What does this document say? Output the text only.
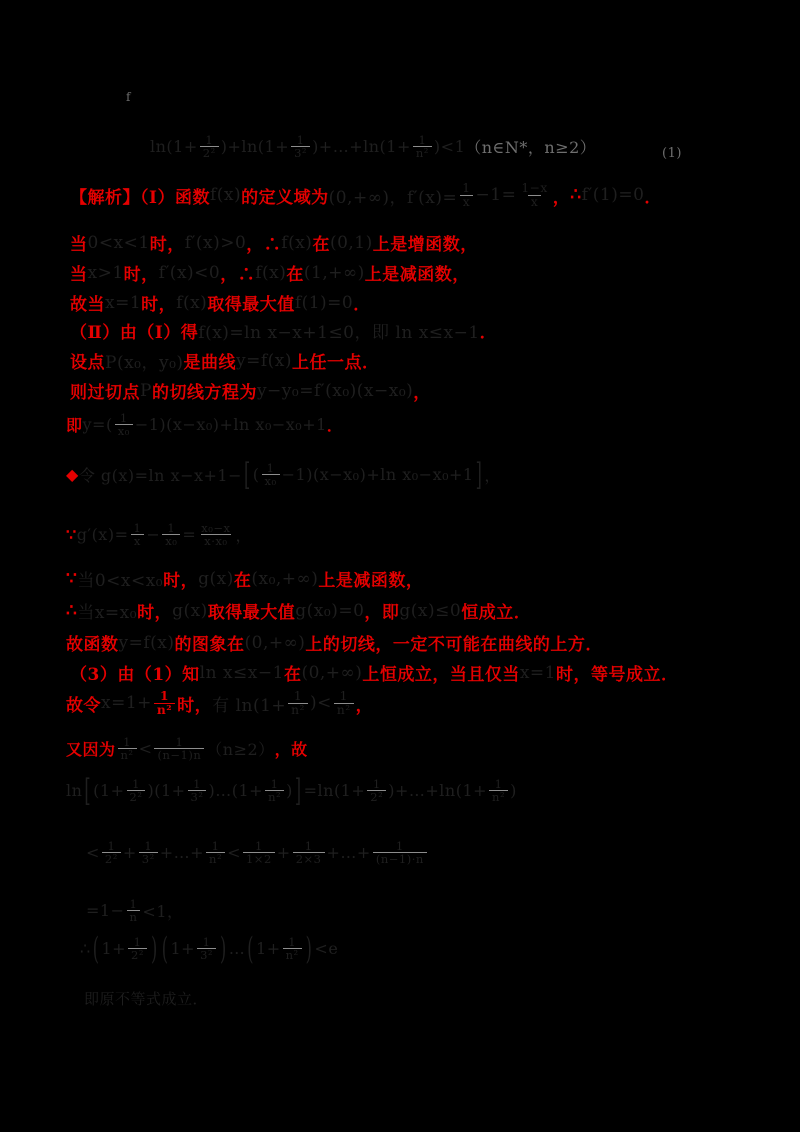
f
$\ln(1+ \frac{1}{\text{2²}} )+\ln(1+ \frac{1}{\text{3²}}$ )+…+ln(1+ $\frac{1}{\text{n²}} )<1$ （n∈N*，n≥2）	(1)
【解析】（Ⅰ） 函数 f(x) 的定义域为 (0,+∞)，$f'(x)= \frac{1}{x} -1= \frac{1-x}{x}$ ， ∴ f′(1)=0 ．
当 0<x<1 时， f′(x)>0 ，∴ f(x) 在 (0,1) 上是增函数，
当 x>1 时， f′(x)<0 ，∴ f(x) 在 (1,+∞) 上是减函数，
故当 x=1 时， f(x) 取得最大值 f(1)=0 ．
（Ⅱ）由（Ⅰ）得 f(x)=ln x−x+1≤0，即 ln x≤x−1 ．
设点 P(x₀，y₀) 是曲线 y=f(x) 上任一点．
则过 切点 P 的切线方程为 y−y₀=f′(x₀)(x−x₀) ，
即 $y=( \frac{1}{\text{x₀}} -1)(x-x_0)+\ln$ x₀−x₀+1 ．
◆ 令 g(x)=ln x−x+1− [ ( $\frac{1}{\text{x₀}} -1)(x-x_0)+\ln$ x₀−x₀+1 ] ，
∵ $g'(x)= \frac{1}{x} - \frac{1}{\text{x₀}} = \frac{\text{x₀−x}}{\text{x·x₀}}$ ，
∵ 当0<x<x₀ 时， g(x) 在 (x₀,+∞) 上是减函数，
∴ 当x=x₀ 时， g(x) 取得最大值 g(x₀)=0 ，即 g(x)≤0 恒成立．
故函数 y=f(x) 的图象在 (0,+∞) 上的切线，一定不可能在曲线的 上方 ．
（3）由（1）知 ln x≤x−1 在 (0,+∞) 上恒成立， 当且仅当 x=1 时 ， 等号成立．
故令 $x=1+ \frac{1}{\text{n²}}$ 时， 有 $\ln(1+ \frac{1}{\text{n²}}$ )< $\frac{1}{\text{n²}}$ ，
又因为 $\frac{1}{\text{n²}} < \frac{1}{(n-1)n} (n\ge 2)$ ，故
ln [ $(1+ \frac{1}{\text{2²}} )(1+ \frac{1}{\text{3²}}$ )…(1+ $\frac{1}{\text{n²}}$ ) ] $=\ln(1+ \frac{1}{\text{2²}}$ )+…+ln(1+ $\frac{1}{\text{n²}}$ )
< $\frac{1}{\text{2²}} + \frac{1}{\text{3²}}$ +…+ $\frac{1}{\text{n²}} < \frac{1}{1\times 2} + \frac{1}{2\times 3}$ +…+ $\frac{1}{(n-1)\cdot n}$
$=1- \frac{1}{n} <1$，
∴ ( $1+ \frac{1}{\text{2²}}$ ) ( $1+ \frac{1}{\text{3²}}$ ) … ( $1+ \frac{1}{\text{n²}}$ ) <e
即原不等式成立．
